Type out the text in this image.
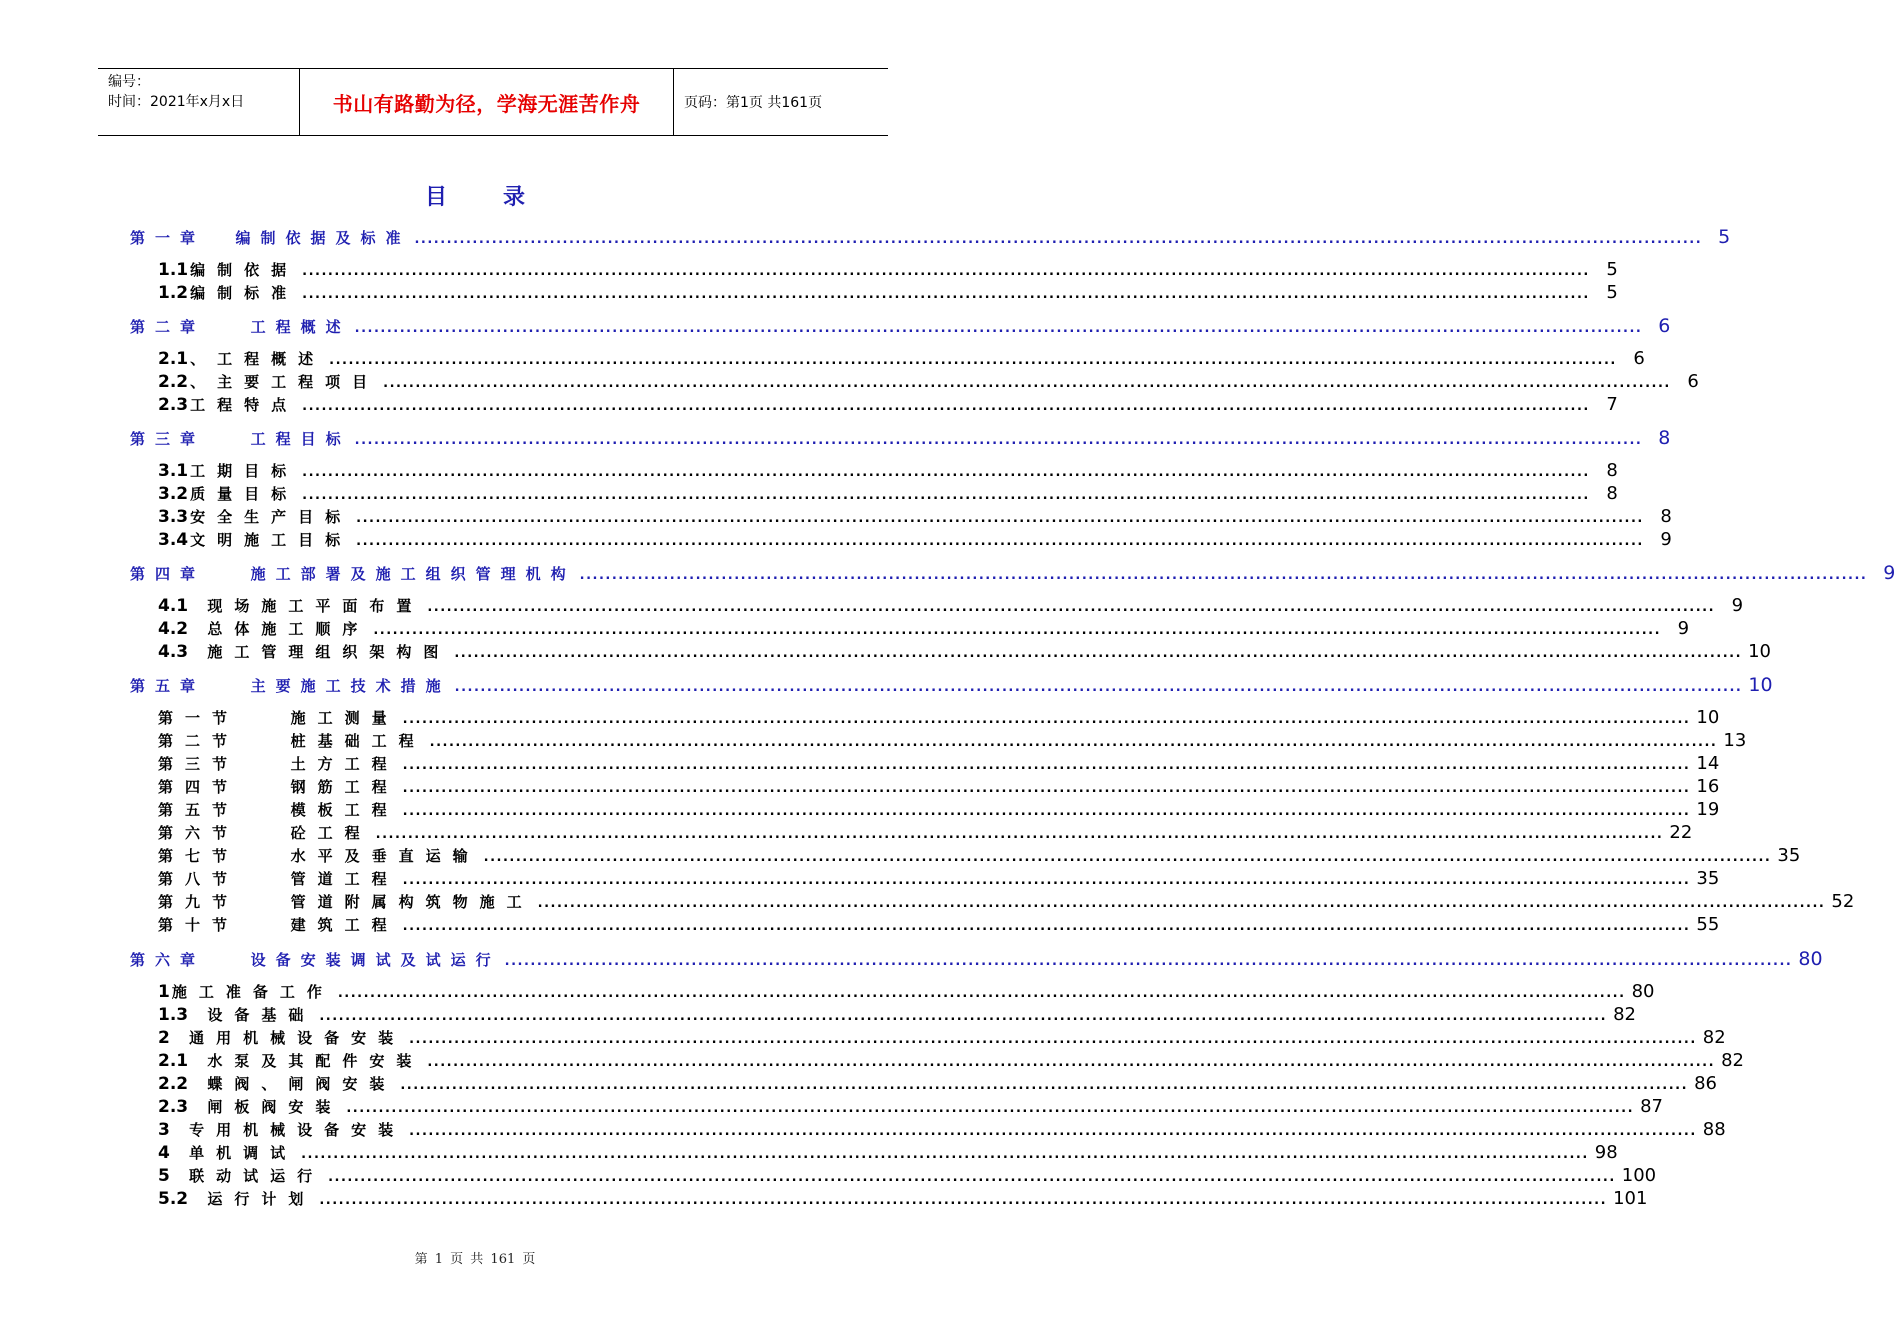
编号：
时间：2021年x月x日	书山有路勤为径，学海无涯苦作舟	页码：第1页 共161页
目录
第一章  编制依据及标准 ........................................................................................................................................................................................................ 5
1.1 编制依据 ........................................................................................................................................................................................................ 5
1.2 编制标准 ........................................................................................................................................................................................................ 5
第二章   工程概述 ........................................................................................................................................................................................................ 6
2.1 、工程概述 ........................................................................................................................................................................................................ 6
2.2 、主要工程项目 ........................................................................................................................................................................................................ 6
2.3 工程特点 ........................................................................................................................................................................................................ 7
第三章   工程目标 ........................................................................................................................................................................................................ 8
3.1 工期目标 ........................................................................................................................................................................................................ 8
3.2 质量目标 ........................................................................................................................................................................................................ 8
3.3 安全生产目标 ........................................................................................................................................................................................................ 8
3.4 文明施工目标 ........................................................................................................................................................................................................ 9
第四章   施工部署及施工组织管理机构 ........................................................................................................................................................................................................ 9
4.1 现场施工平面布置 ........................................................................................................................................................................................................ 9
4.2 总体施工顺序 ........................................................................................................................................................................................................ 9
4.3 施工管理组织架构图 ........................................................................................................................................................................................................ 10
第五章   主要施工技术措施 ........................................................................................................................................................................................................ 10
第一节   施工测量 ........................................................................................................................................................................................................ 10
第二节   桩基础工程 ........................................................................................................................................................................................................ 13
第三节   土方工程 ........................................................................................................................................................................................................ 14
第四节   钢筋工程 ........................................................................................................................................................................................................ 16
第五节   模板工程 ........................................................................................................................................................................................................ 19
第六节   砼工程 ........................................................................................................................................................................................................ 22
第七节   水平及垂直运输 ........................................................................................................................................................................................................ 35
第八节   管道工程 ........................................................................................................................................................................................................ 35
第九节   管道附属构筑物施工 ........................................................................................................................................................................................................ 52
第十节   建筑工程 ........................................................................................................................................................................................................ 55
第六章   设备安装调试及试运行 ........................................................................................................................................................................................................ 80
1 施工准备工作 ........................................................................................................................................................................................................ 80
1.3 设备基础 ........................................................................................................................................................................................................ 82
2 通用机械设备安装 ........................................................................................................................................................................................................ 82
2.1 水泵及其配件安装 ........................................................................................................................................................................................................ 82
2.2 蝶阀、闸阀安装 ........................................................................................................................................................................................................ 86
2.3 闸板阀安装 ........................................................................................................................................................................................................ 87
3 专用机械设备安装 ........................................................................................................................................................................................................ 88
4 单机调试 ........................................................................................................................................................................................................ 98
5 联动试运行 ........................................................................................................................................................................................................ 100
5.2 运行计划 ........................................................................................................................................................................................................ 101
第 1 页 共 161 页
